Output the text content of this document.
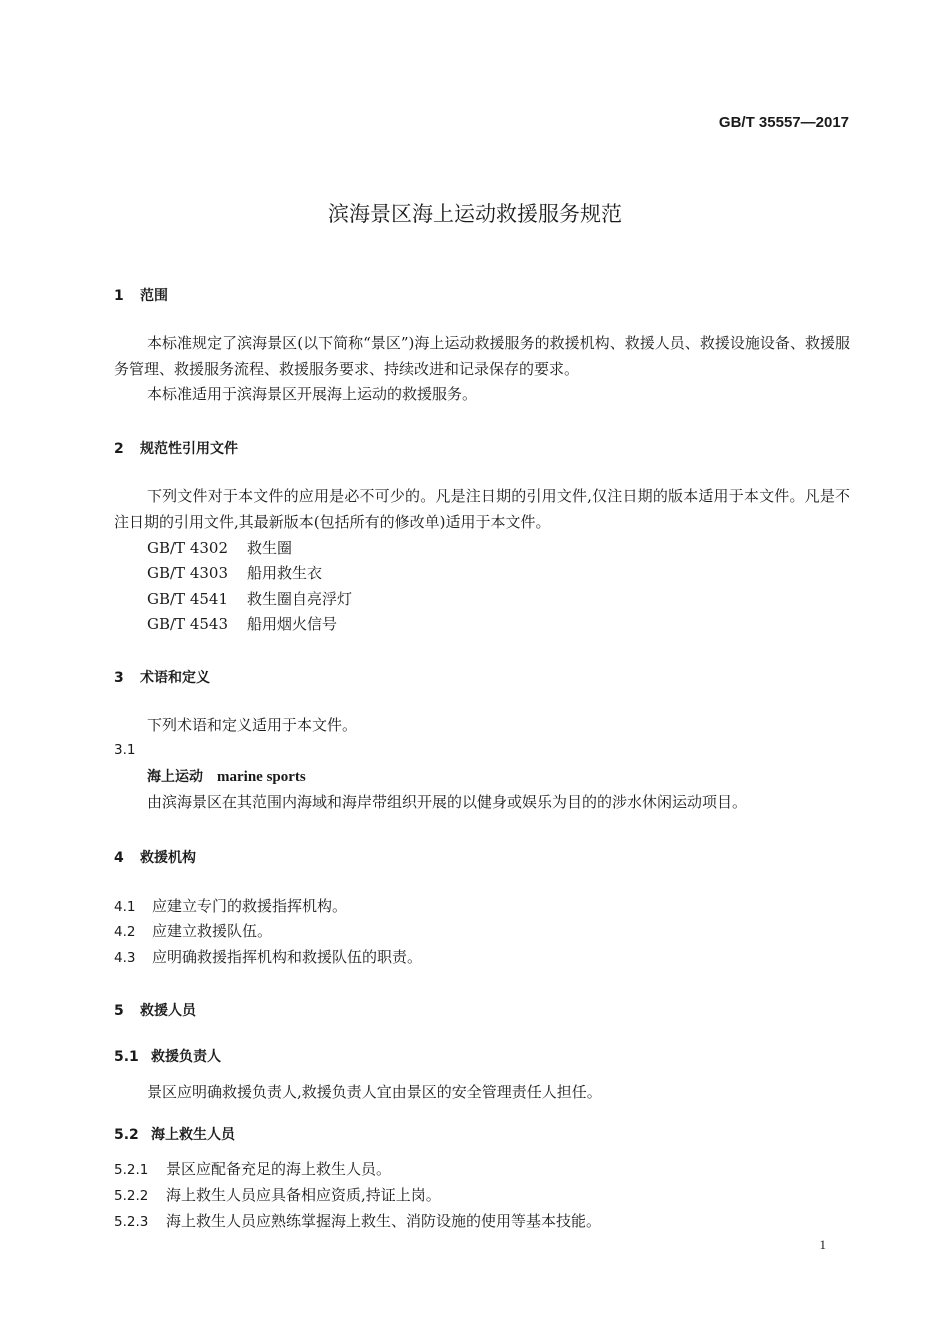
GB/T 35557—2017
滨海景区海上运动救援服务规范
1 范围
本标准规定了滨海景区(以下简称“景区”)海上运动救援服务的救援机构、救援人员、救援设施设备、救援服务管理、救援服务流程、救援服务要求、持续改进和记录保存的要求。
本标准适用于滨海景区开展海上运动的救援服务。
2 规范性引用文件
下列文件对于本文件的应用是必不可少的。凡是注日期的引用文件,仅注日期的版本适用于本文件。凡是不注日期的引用文件,其最新版本(包括所有的修改单)适用于本文件。
GB/T 4302 救生圈
GB/T 4303 船用救生衣
GB/T 4541 救生圈自亮浮灯
GB/T 4543 船用烟火信号
3 术语和定义
下列术语和定义适用于本文件。
3.1
海上运动 marine sports
由滨海景区在其范围内海域和海岸带组织开展的以健身或娱乐为目的的涉水休闲运动项目。
4 救援机构
4.1 应建立专门的救援指挥机构。
4.2 应建立救援队伍。
4.3 应明确救援指挥机构和救援队伍的职责。
5 救援人员
5.1 救援负责人
景区应明确救援负责人,救援负责人宜由景区的安全管理责任人担任。
5.2 海上救生人员
5.2.1 景区应配备充足的海上救生人员。
5.2.2 海上救生人员应具备相应资质,持证上岗。
5.2.3 海上救生人员应熟练掌握海上救生、消防设施的使用等基本技能。
1
